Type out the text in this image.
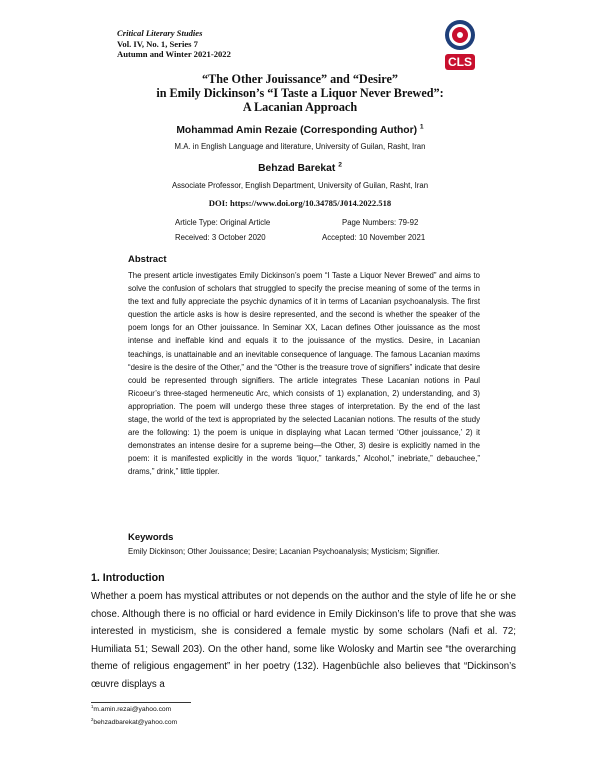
Critical Literary Studies
Vol. IV, No. 1, Series 7
Autumn and Winter 2021-2022
CLS
“The Other Jouissance” and “Desire”
in Emily Dickinson’s “I Taste a Liquor Never Brewed”:
A Lacanian Approach
Mohammad Amin Rezaie (Corresponding Author) $^1$
M.A. in English Language and literature, University of Guilan, Rasht, Iran
Behzad Barekat $^2$
Associate Professor, English Department, University of Guilan, Rasht, Iran
DOI: https://www.doi.org/10.34785/J014.2022.518
Article Type: Original Article	Page Numbers: 79-92
Received: 3 October 2020	Accepted: 10 November 2021
Abstract
The present article investigates Emily Dickinson’s poem “I Taste a Liquor Never Brewed” and aims to solve the confusion of scholars that struggled to specify the precise meaning of some of the terms in the text and fully appreciate the psychic dynamics of it in terms of Lacanian psychoanalysis. The first question the article asks is how is desire represented, and the second is whether the speaker of the poem longs for an Other jouissance. In Seminar XX, Lacan defines Other jouissance as the most intense and ineffable kind and equals it to the jouissance of the mystics. Desire, in Lacanian teachings, is unattainable and an inevitable consequence of language. The famous Lacanian maxims “desire is the desire of the Other,” and the “Other is the treasure trove of signifiers” indicate that desire could be represented through signifiers. The article integrates These Lacanian notions in Paul Ricoeur’s three-staged hermeneutic Arc, which consists of 1) explanation, 2) understanding, and 3) appropriation. The poem will undergo these three stages of interpretation. By the end of the last stage, the world of the text is appropriated by the selected Lacanian notions. The results of the study are the following: 1) the poem is unique in displaying what Lacan termed ‘Other jouissance,’ 2) it demonstrates an intense desire for a supreme being—the Other, 3) desire is explicitly named in the poem: it is manifested explicitly in the words ‘liquor,” tankards,” Alcohol,” inebriate,” debauchee,” drams,” drink,” little tippler.
Keywords
Emily Dickinson; Other Jouissance; Desire; Lacanian Psychoanalysis; Mysticism; Signifier.
1. Introduction
Whether a poem has mystical attributes or not depends on the author and the style of life he or she chose. Although there is no official or hard evidence in Emily Dickinson’s life to prove that she was interested in mysticism, she is considered a female mystic by some scholars (Nafi et al. 72; Humiliata 51; Sewall 203). On the other hand, some like Wolosky and Martin see “the overarching theme of religious engagement” in her poetry (132). Hagenbüchle also believes that “Dickinson’s œuvre displays a
$^1$m.amin.rezai@yahoo.com
$^2$behzadbarekat@yahoo.com
